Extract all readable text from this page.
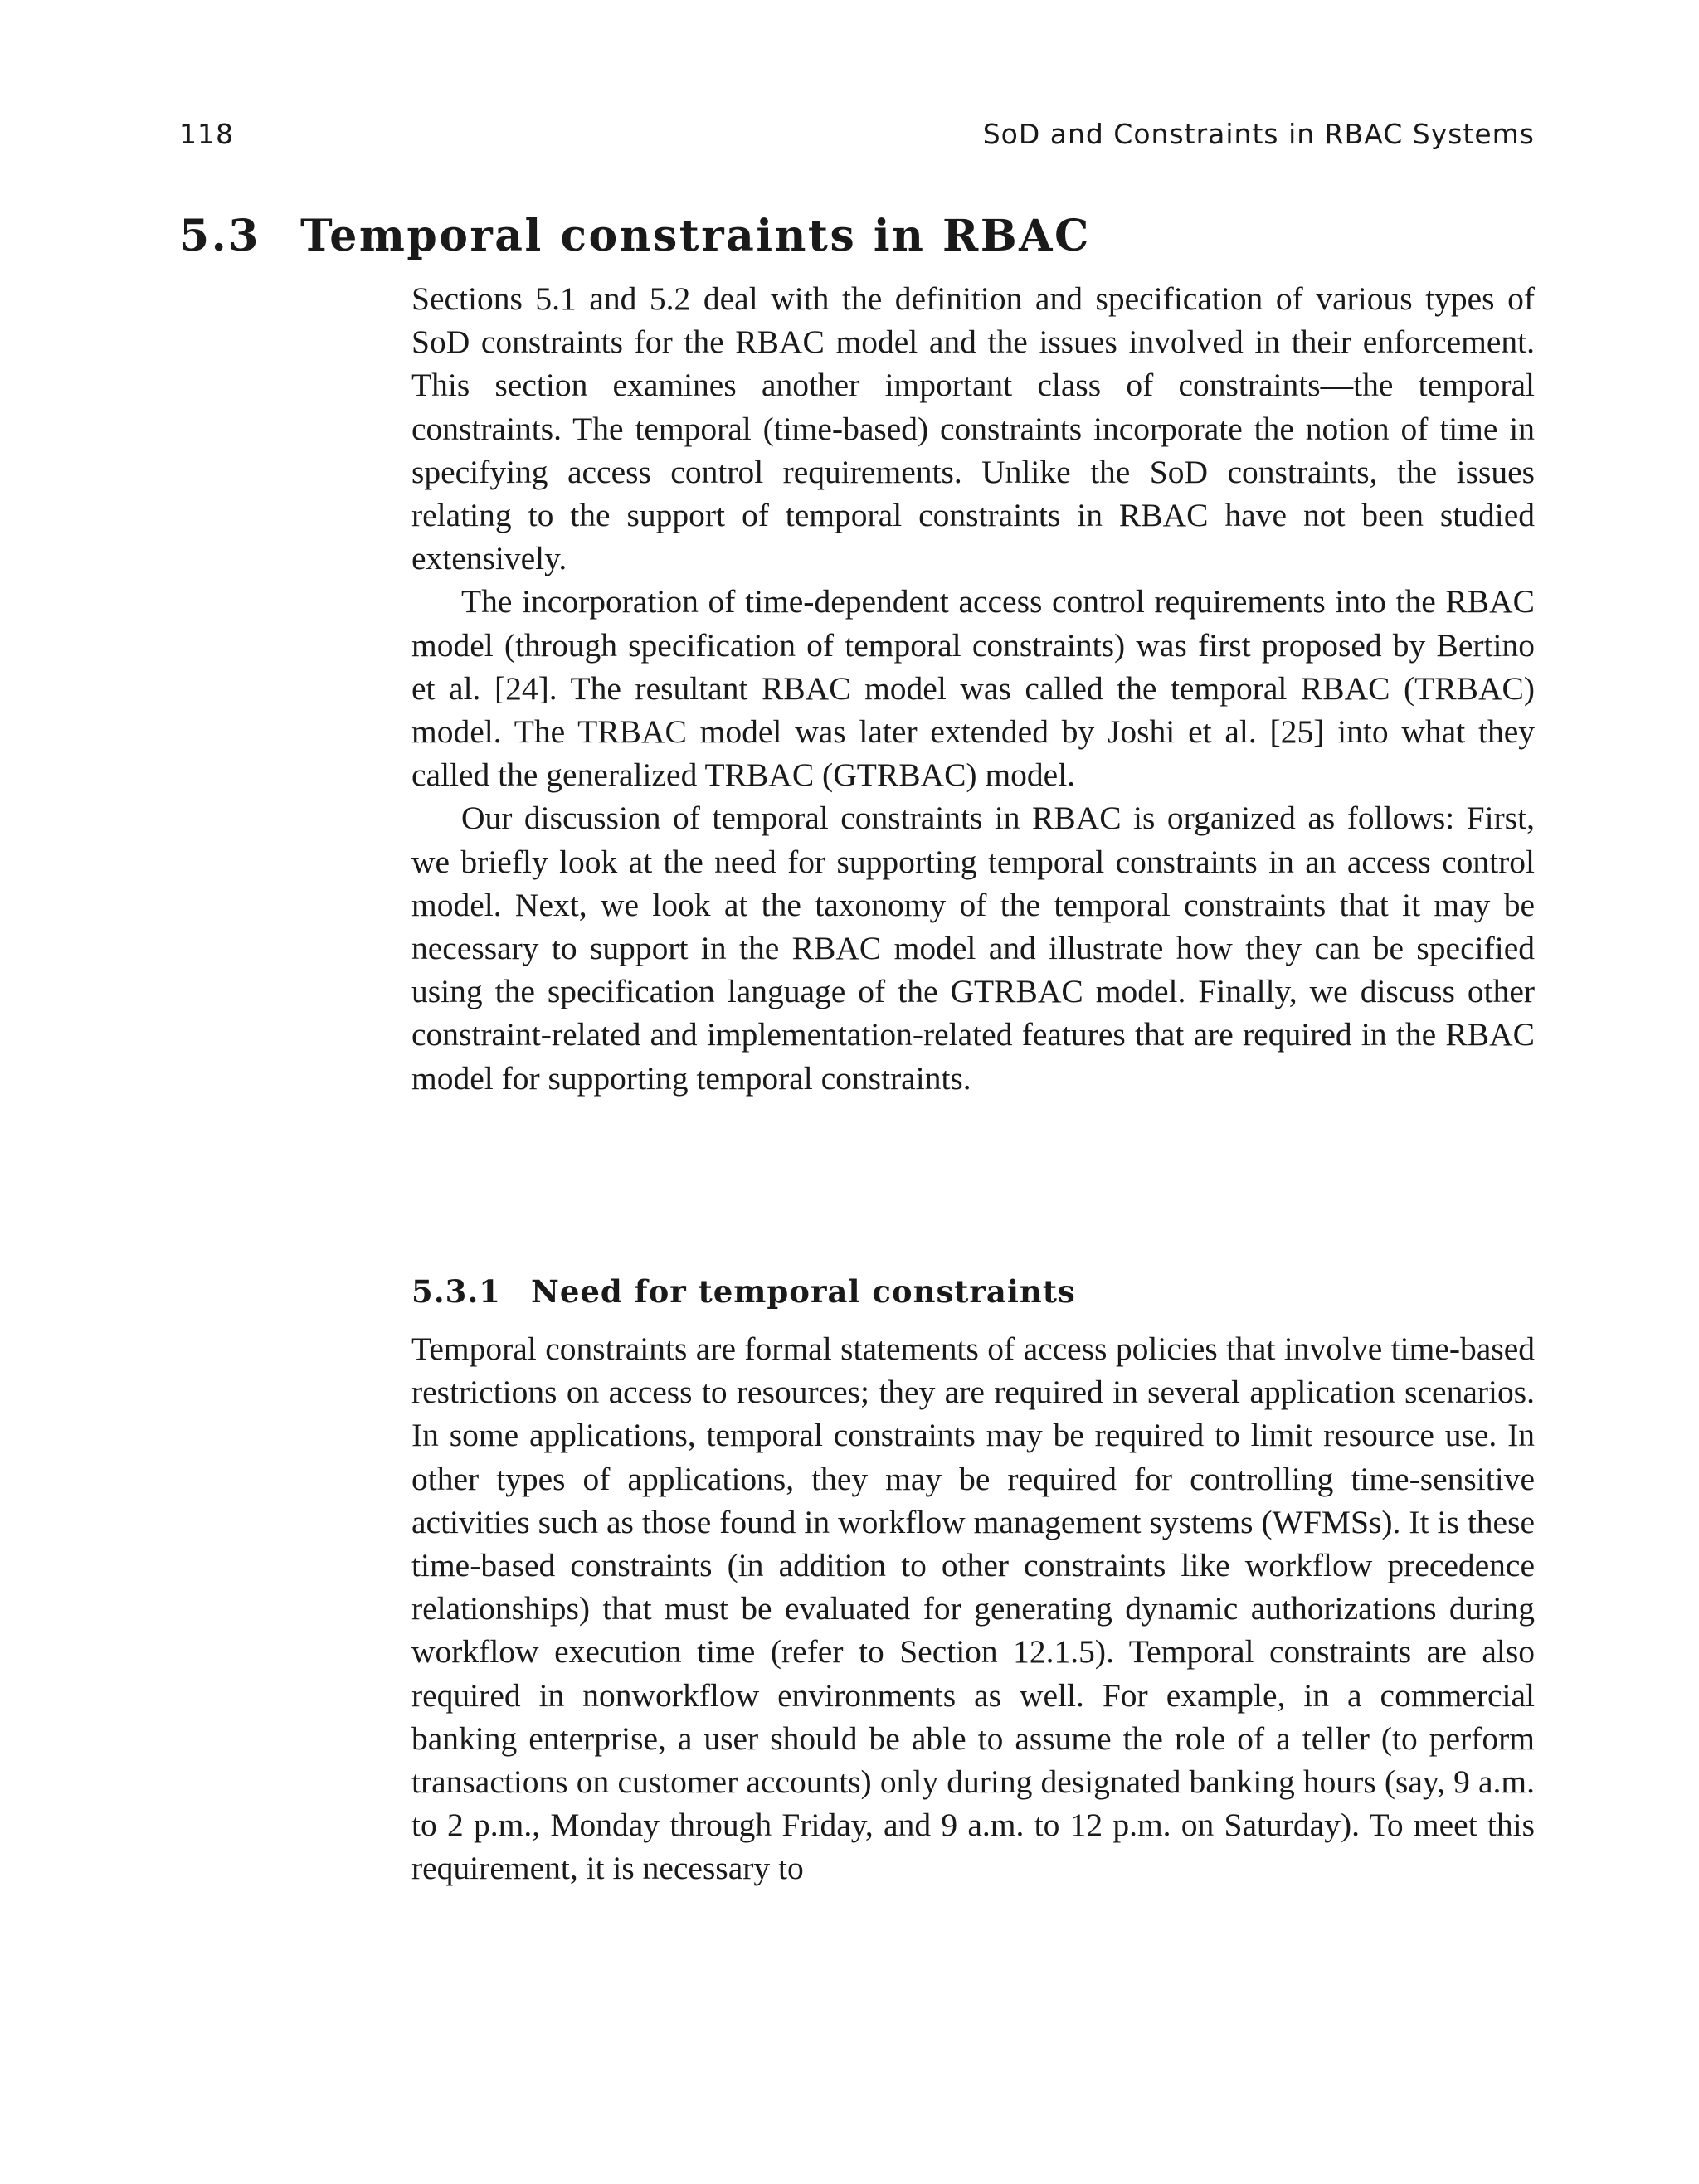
118	SoD and Constraints in RBAC Systems
5.3 Temporal constraints in RBAC

Sections 5.1 and 5.2 deal with the definition and specification of various types of SoD constraints for the RBAC model and the issues involved in their enforcement. This section examines another important class of constraints—the temporal constraints. The temporal (time-based) constraints incorporate the notion of time in specifying access control requirements. Unlike the SoD constraints, the issues relating to the support of temporal constraints in RBAC have not been studied extensively.

The incorporation of time-dependent access control requirements into the RBAC model (through specification of temporal constraints) was first proposed by Bertino et al. [24]. The resultant RBAC model was called the temporal RBAC (TRBAC) model. The TRBAC model was later extended by Joshi et al. [25] into what they called the generalized TRBAC (GTRBAC) model.

Our discussion of temporal constraints in RBAC is organized as follows: First, we briefly look at the need for supporting temporal constraints in an access control model. Next, we look at the taxonomy of the temporal constraints that it may be necessary to support in the RBAC model and illustrate how they can be specified using the specification language of the GTRBAC model. Finally, we discuss other constraint-related and implementation-related features that are required in the RBAC model for supporting temporal constraints.

5.3.1 Need for temporal constraints

Temporal constraints are formal statements of access policies that involve time-based restrictions on access to resources; they are required in several application scenarios. In some applications, temporal constraints may be required to limit resource use. In other types of applications, they may be required for controlling time-sensitive activities such as those found in workflow management systems (WFMSs). It is these time-based constraints (in addition to other constraints like workflow precedence relationships) that must be evaluated for generating dynamic authorizations during workflow execution time (refer to Section 12.1.5). Temporal constraints are also required in nonworkflow environments as well. For example, in a commercial banking enterprise, a user should be able to assume the role of a teller (to perform transactions on customer accounts) only during designated banking hours (say, 9 a.m. to 2 p.m., Monday through Friday, and 9 a.m. to 12 p.m. on Saturday). To meet this requirement, it is necessary to
